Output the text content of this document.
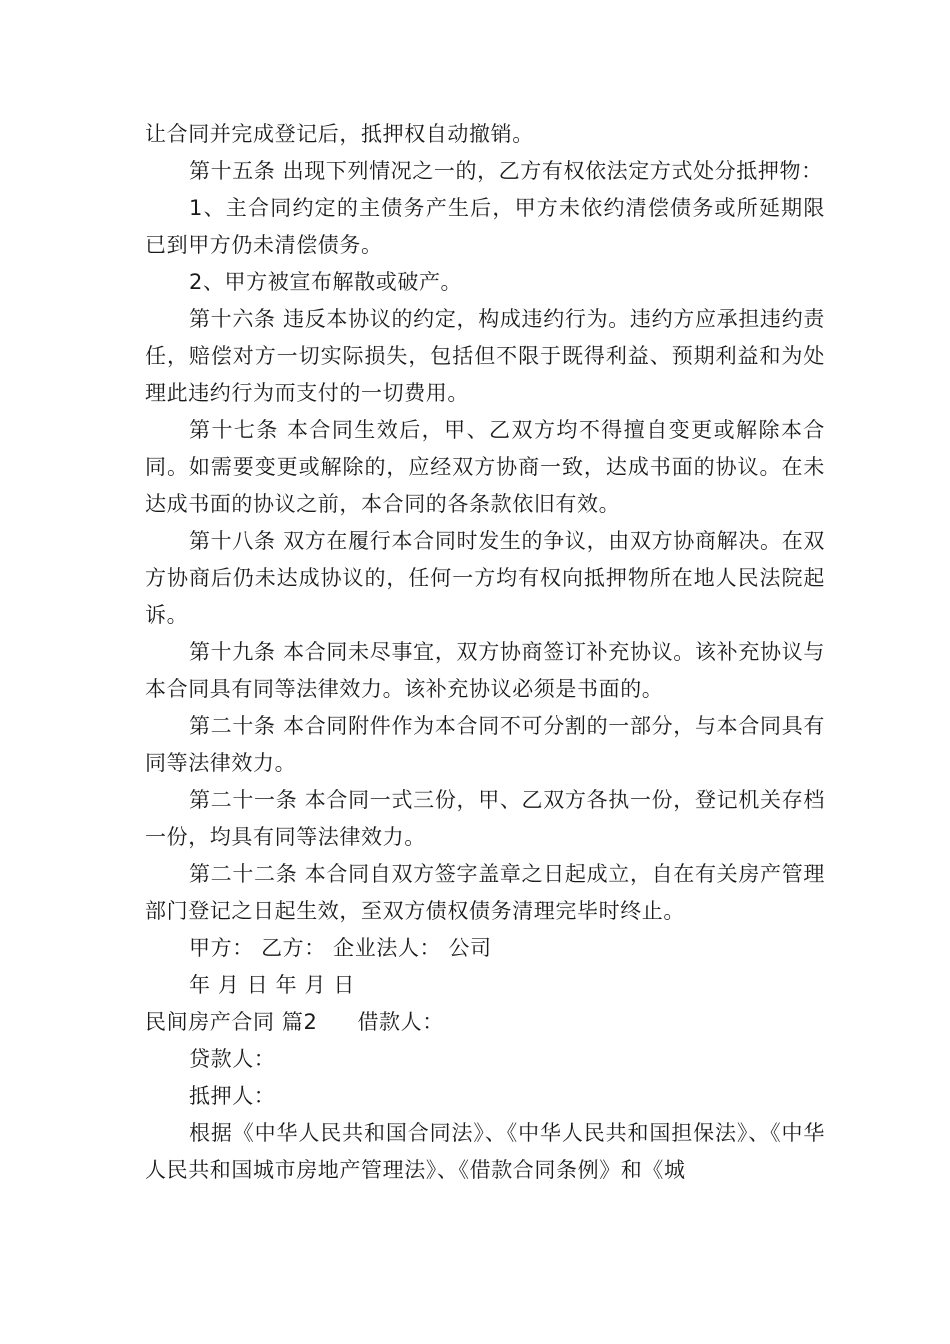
让合同并完成登记后，抵押权自动撤销。

第十五条 出现下列情况之一的，乙方有权依法定方式处分抵押物：

1、主合同约定的主债务产生后，甲方未依约清偿债务或所延期限已到甲方仍未清偿债务。

2、甲方被宣布解散或破产。

第十六条 违反本协议的约定，构成违约行为。违约方应承担违约责任，赔偿对方一切实际损失，包括但不限于既得利益、预期利益和为处理此违约行为而支付的一切费用。

第十七条 本合同生效后，甲、乙双方均不得擅自变更或解除本合同。如需要变更或解除的，应经双方协商一致，达成书面的协议。在未达成书面的协议之前，本合同的各条款依旧有效。

第十八条 双方在履行本合同时发生的争议，由双方协商解决。在双方协商后仍未达成协议的，任何一方均有权向抵押物所在地人民法院起诉。

第十九条 本合同未尽事宜，双方协商签订补充协议。该补充协议与本合同具有同等法律效力。该补充协议必须是书面的。

第二十条 本合同附件作为本合同不可分割的一部分，与本合同具有同等法律效力。

第二十一条 本合同一式三份，甲、乙双方各执一份，登记机关存档一份，均具有同等法律效力。

第二十二条 本合同自双方签字盖章之日起成立，自在有关房产管理部门登记之日起生效，至双方债权债务清理完毕时终止。

甲方： 乙方： 企业法人： 公司

年 月 日 年 月 日

民间房产合同 篇2 借款人：

贷款人：

抵押人：

根据《中华人民共和国合同法》、《中华人民共和国担保法》、《中华人民共和国城市房地产管理法》、《借款合同条例》和《城
